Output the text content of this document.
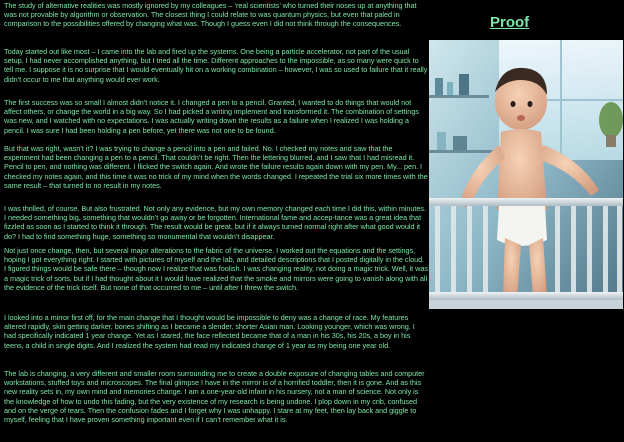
Proof

The study of alternative realities was mostly ignored by my colleagues – ‘real scientists’ who turned their noses up at anything that was not provable by algorithm or observation. The closest thing I could relate to was quantum physics, but even that paled in comparison to the possibilities offered by changing what was. Though I guess even I did not think through the consequences.

Today started out like most – I came into the lab and fired up the systems. One being a particle accelerator, not part of the usual setup. I had never accomplished anything, but I tried all the time. Different approaches to the impossible, as so many were quick to tell me. I suppose it is no surprise that I would eventually hit on a working combination – however, I was so used to failure that it really didn’t occur to me that anything would ever work.

The first success was so small I almost didn’t notice it. I changed a pen to a pencil. Granted, I wanted to do things that would not affect others, or change the world in a big way. So I had picked a writing implement and transformed it. The combination of settings was new, and I watched with no expectations. I was actually writing down the results as a failure when I realized I was holding a pencil. I was sure I had been holding a pen before, yet there was not one to be found.

But that was right, wasn’t it? I was trying to change a pencil into a pen and failed. No. I checked my notes and saw that the experiment had been changing a pen to a pencil. That couldn’t be right. Then the lettering blurred, and I saw that I had misread it. Pencil to pen, and nothing was different. I flicked the switch again. And wrote the failure results again down with my pen. My... pen. I checked my notes again, and this time it was no trick of my mind when the words changed. I repeated the trial six more times with the same result – that turned to no result in my notes.

I was thrilled, of course. But also frustrated. Not only any evidence, but my own memory changed each time I did this, within minutes. I needed something big, something that wouldn’t go away or be forgotten. International fame and accep-tance was a great idea that fizzled as soon as I started to think it through. The result would be great, but if it always turned normal right after what good would it do? I had to find something huge, something so monumental that wouldn’t disappear.

Not just once change, then, but several major alterations to the fabric of the universe. I worked out the equations and the settings, hoping I got everything right. I started with pictures of myself and the lab, and detailed descriptions that I posted digitally in the cloud. I figured things would be safe there – though now I realize that was foolish. I was changing reality, not doing a magic trick. Well, it was a magic trick of sorts, but if I had thought about it I would have realized that the smoke and mirrors were going to vanish along with all the evidence of the trick itself. But none of that occurred to me – until after I threw the switch.

I looked into a mirror first off, for the main change that I thought would be impossible to deny was a change of race. My features altered rapidly, skin getting darker, bones shifting as I became a slender, shorter Asian man. Looking younger, which was wrong. I had specifically indicated 1 year change. Yet as I stared, the face reflected became that of a man in his 30s, his 20s, a boy in his teens, a child in single digits. And I realized the system had read my indicated change of 1 year as my being one year old.

The lab is changing, a very different and smaller room surrounding me to create a double exposure of changing tables and computer workstations, stuffed toys and microscopes. The final glimpse I have in the mirror is of a horrified toddler, then it is gone. And as this new reality sets in, my own mind and memories change. I am a one-year-old infant in his nursery, not a man of science. Not only is the knowledge of how to undo this fading, but the very existence of my research is being undone. I plop down in my crib, confused and on the verge of tears. Then the confusion fades and I forget why I was unhappy. I stare at my feet, then lay back and giggle to myself, feeling that I have proven something important even if I can’t remember what it is.
